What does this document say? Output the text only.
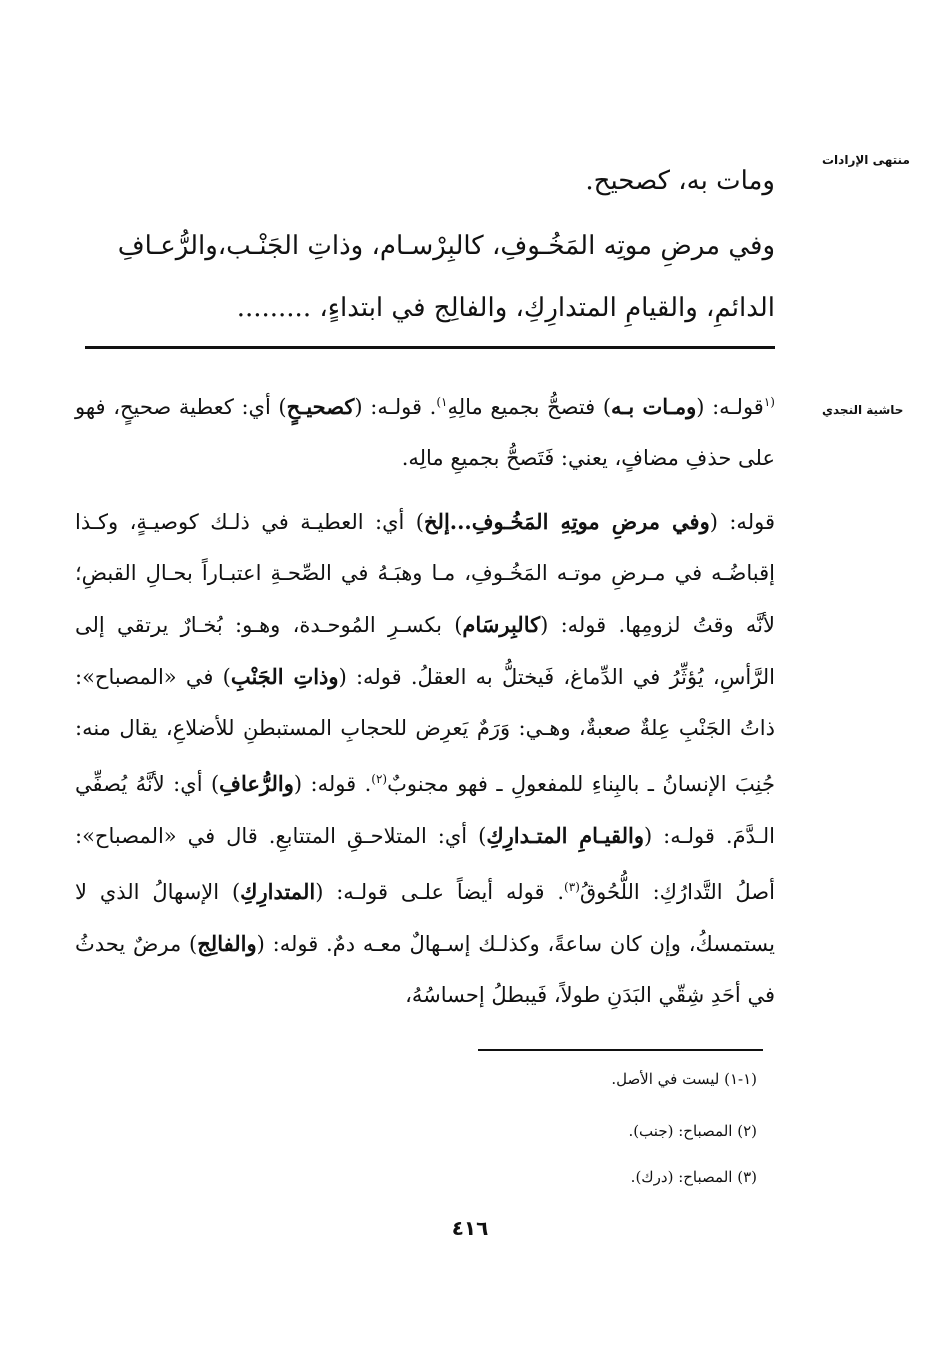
منتهى الإرادات
حاشية النجدي
ومات به، كصحيح.
وفي مرضِ موتِه المَخُـوفِ، كالبِرْسـام، وذاتِ الجَنْـب،والرُّعـافِ
الدائمِ، والقيامِ المتدارِكِ، والفالِج في ابتداءٍ، .........
$^{(١}$قولـه: (ومـات بـه) فتصحُّ بجميع مالِهِ$^{١)}$. قولـه: (كصحيـحٍ) أي: كعطية صحيحٍ، فهو على حذفِ مضافٍ، يعني: فَتَصحُّ بجميعِ مالِه.
قوله: (وفي مرضِ موتِهِ المَخُـوفِ...إلخ) أي: العطيـة في ذلـك كوصيـةٍ، وكـذا إقباضُـه في مـرضِ موتـه المَخُـوفِ، مـا وهبَـهُ في الصِّحـةِ اعتبـاراً بحـالِ القبضِ؛ لأنَّه وقتُ لزومِها. قوله: (كالبِرسَام) بكسـرِ المُوحـدة، وهـو: بُخـارٌ يرتقي إلى الرَّأسِ، يُؤثِّرُ في الدِّماغ، فَيختلُّ به العقلُ. قوله: (وذاتِ الجَنْبِ) في «المصباح»: ذاتُ الجَنْبِ عِلةٌ صعبةٌ، وهـي: وَرَمٌ يَعرِض للحجابِ المستبطنِ للأضلاعِ، يقال منه: جُنِبَ الإنسانُ ـ بالبِناءِ للمفعولِ ـ فهو مجنوبٌ$^{(٢)}$. قوله: (والرُّعافِ) أي: لأنَّهُ يُصفِّي الـدَّمَ. قولـه: (والقيـامِ المتـدارِكِ) أي: المتلاحـقِ المتتابعِ. قال في «المصباح»: أصلُ التَّدارُكِ: اللُّحُوقُ$^{(٣)}$. قوله أيضاً علـى قولـه: (المتدارِكِ) الإسهالُ الذي لا يستمسكُ، وإن كان ساعةً، وكذلـك إسـهالٌ معـه دمٌ. قوله: (والفالِج) مرضٌ يحدثُ في أحَدِ شِقّي البَدَنِ طولاً، فَيبطلُ إحساسُهُ،
(١-١) ليست في الأصل.
(٢) المصباح: (جنب).
(٣) المصباح: (درك).
٤١٦
